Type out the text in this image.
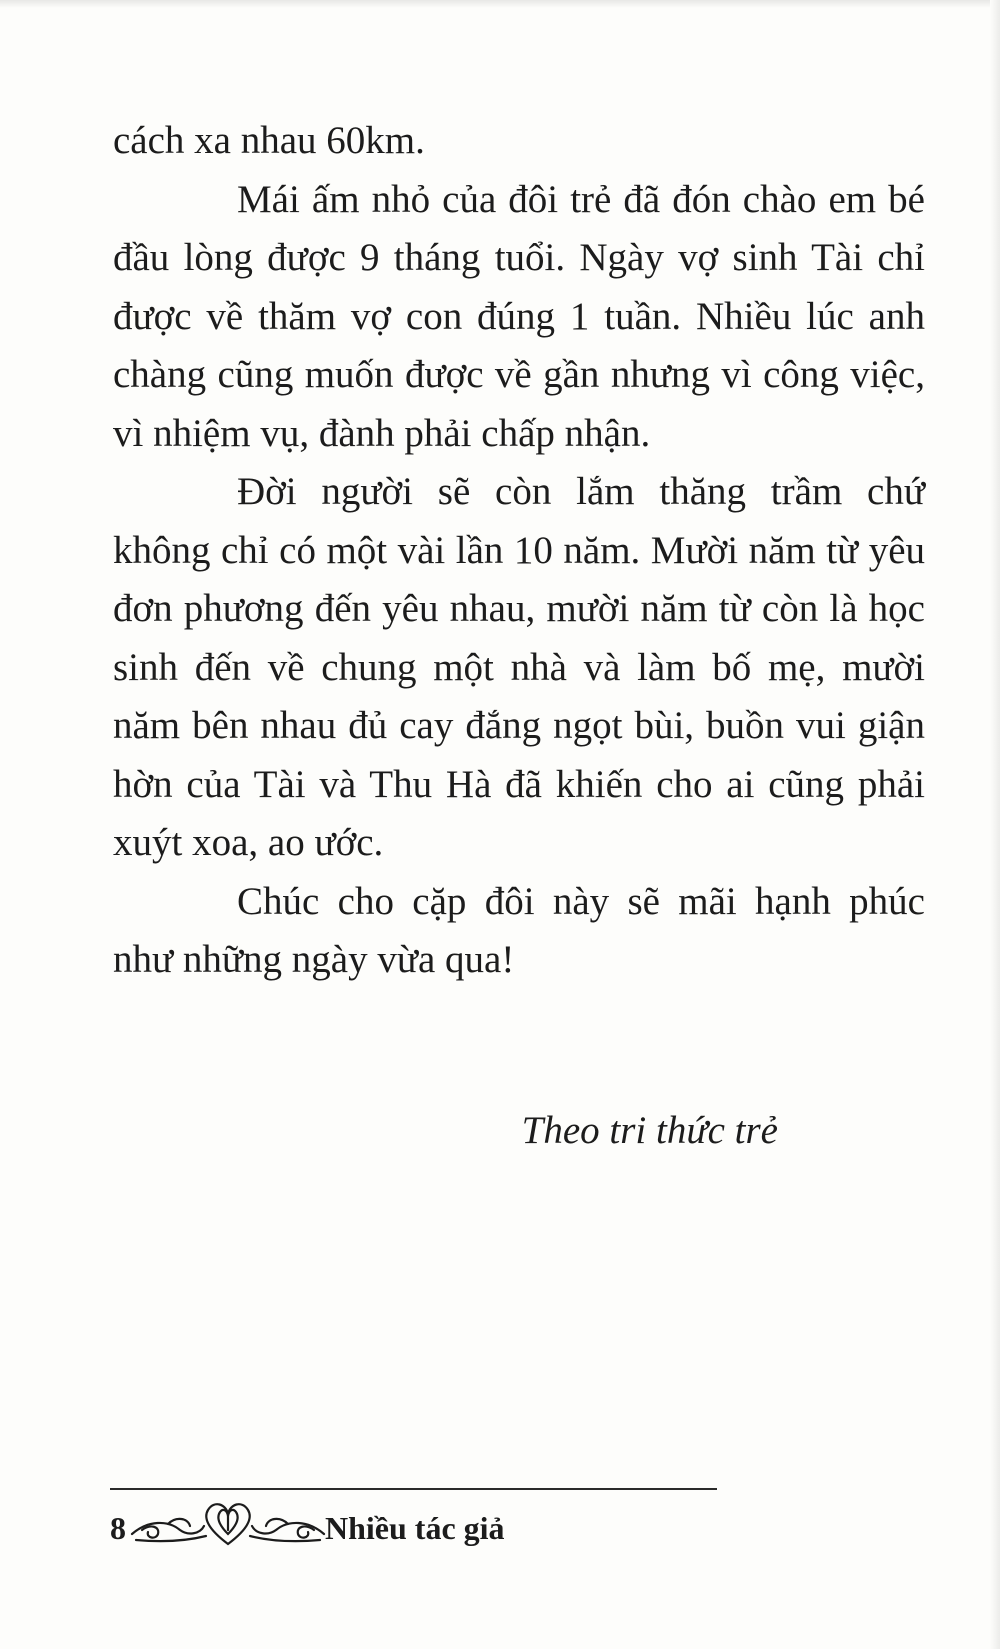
cách xa nhau 60km.

Mái ấm nhỏ của đôi trẻ đã đón chào em bé đầu lòng được 9 tháng tuổi. Ngày vợ sinh Tài chỉ được về thăm vợ con đúng 1 tuần. Nhiều lúc anh chàng cũng muốn được về gần nhưng vì công việc, vì nhiệm vụ, đành phải chấp nhận.

Đời người sẽ còn lắm thăng trầm chứ không chỉ có một vài lần 10 năm. Mười năm từ yêu đơn phương đến yêu nhau, mười năm từ còn là học sinh đến về chung một nhà và làm bố mẹ, mười năm bên nhau đủ cay đắng ngọt bùi, buồn vui giận hờn của Tài và Thu Hà đã khiến cho ai cũng phải xuýt xoa, ao ước.

Chúc cho cặp đôi này sẽ mãi hạnh phúc như những ngày vừa qua!

Theo tri thức trẻ
8	Nhiều tác giả
